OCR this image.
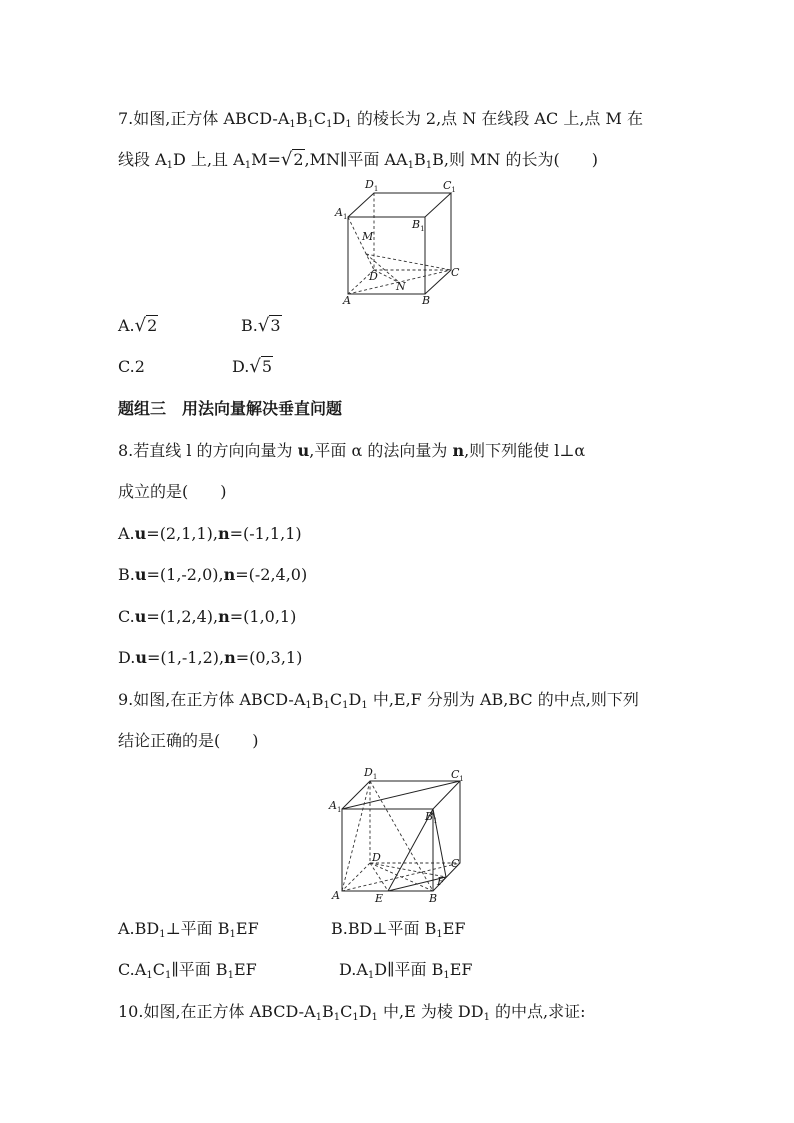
7.如图,正方体 ABCD-$A_1B_1C_1D_1$ 的棱长为 2,点 N 在线段 AC 上,点 M 在
线段 $A_1D$ 上,且 $A_1M=√2,MN\parallel$平面 $AA_1B_1B$,则 MN 的长为(　　)
$A_1$
$D_1$	$C_1$
$B_1$
M
D	C
N
A	B
A.√2	B.√3
C.2	D.√5
题组三　用法向量解决垂直问题
8.若直线 l 的方向向量为 u,平面 α 的法向量为 n,则下列能使 l⊥α
成立的是(　　)
A.u=(2,1,1),n=(-1,1,1)
B.u=(1,-2,0),n=(-2,4,0)
C.u=(1,2,4),n=(1,0,1)
D.u=(1,-1,2),n=(0,3,1)
9.如图,在正方体 ABCD-$A_1B_1C_1D_1$ 中,E,F 分别为 AB,BC 的中点,则下列
结论正确的是(　　)
$A_1$
$D_1$	$C_1$
$B_1$
D	C
F
A	E	B
$A.BD_1\perp$平面 $B_1EF$	B.BD⊥平面 $B_1EF$
$C.A_1C_1\parallel$平面 $B_1EF$	$D.A_1D\parallel$平面 $B_1EF$
10.如图,在正方体 ABCD-$A_1B_1C_1D_1$ 中,E 为棱 $DD_1$ 的中点,求证:
